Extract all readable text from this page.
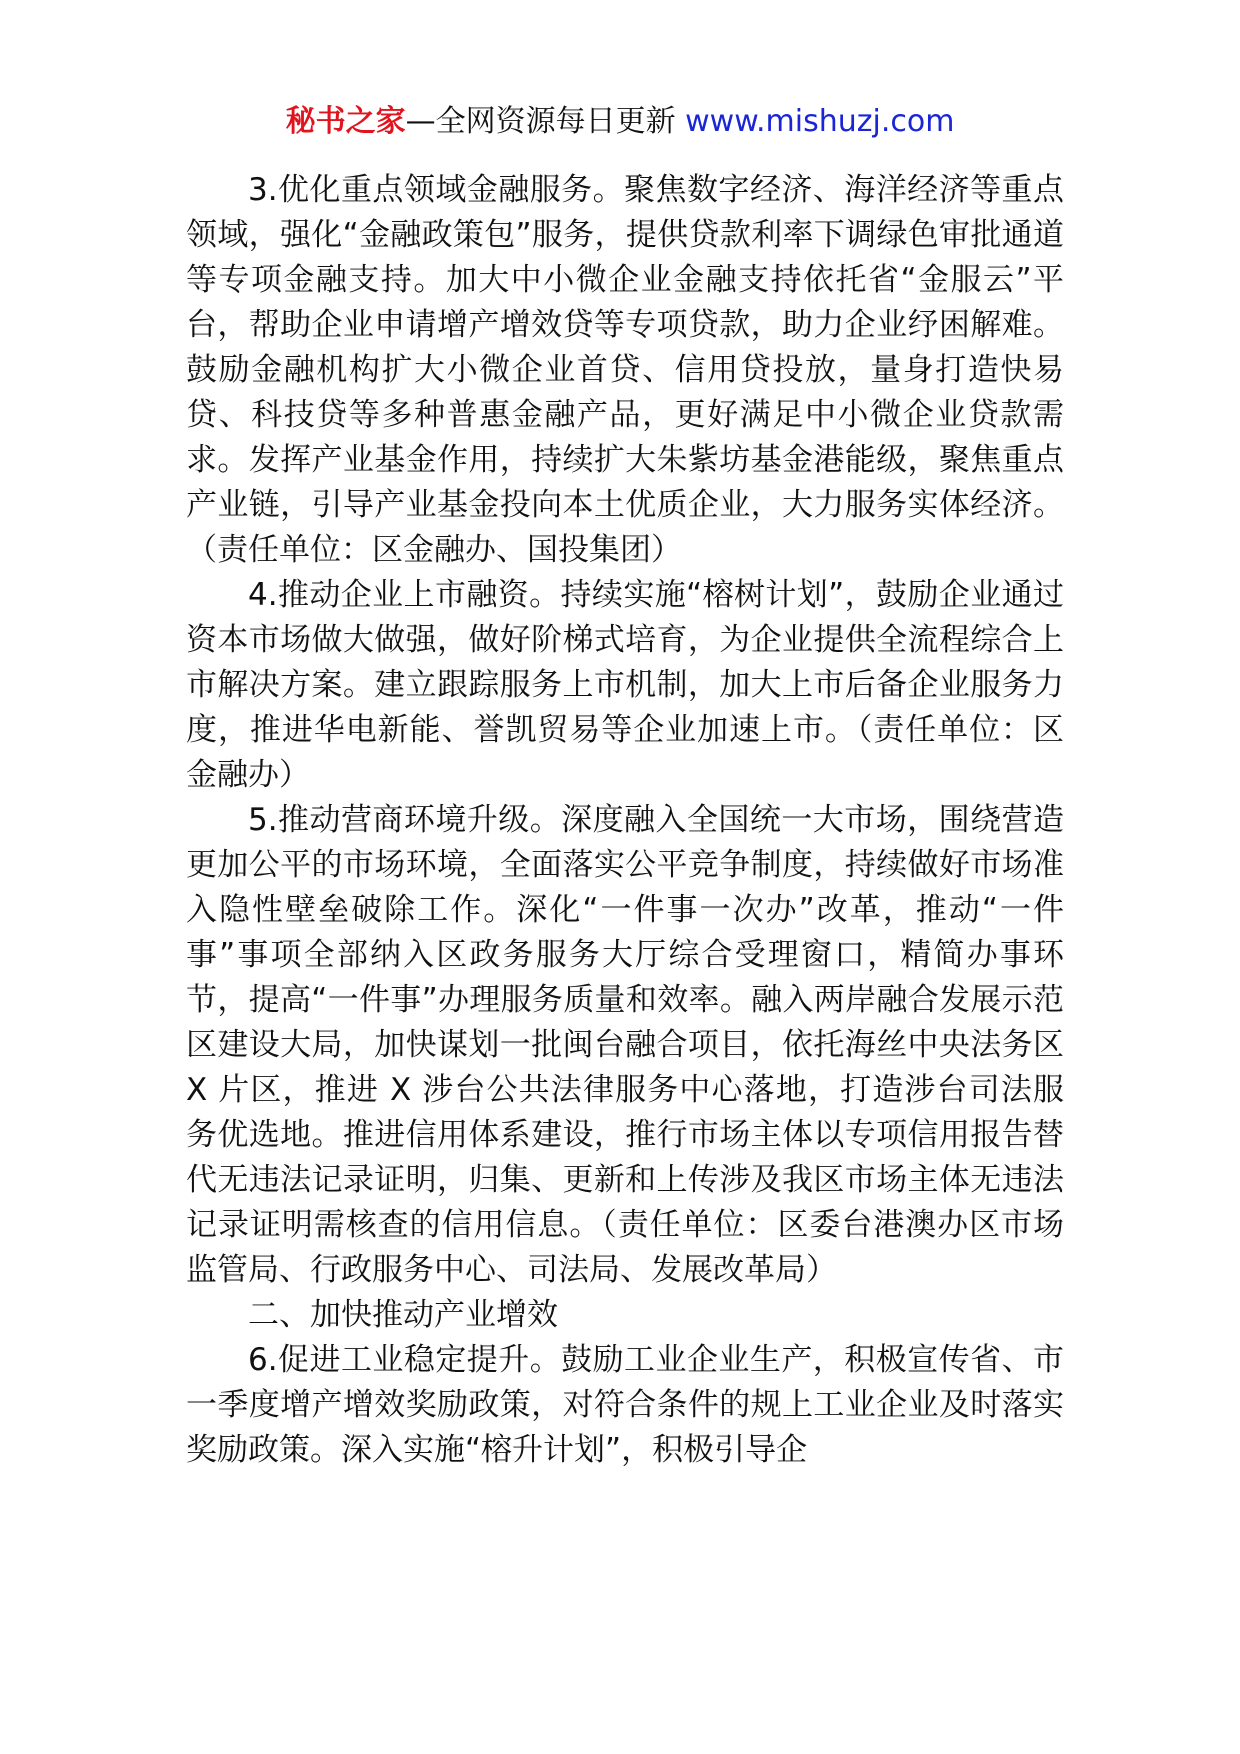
秘书之家—全网资源每日更新 www.mishuzj.com

3.优化重点领域金融服务。聚焦数字经济、海洋经济等重点领域，强化“金融政策包”服务，提供贷款利率下调绿色审批通道等专项金融支持。加大中小微企业金融支持依托省“金服云”平台，帮助企业申请增产增效贷等专项贷款，助力企业纾困解难。鼓励金融机构扩大小微企业首贷、信用贷投放，量身打造快易贷、科技贷等多种普惠金融产品，更好满足中小微企业贷款需求。发挥产业基金作用，持续扩大朱紫坊基金港能级，聚焦重点产业链，引导产业基金投向本土优质企业，大力服务实体经济。（责任单位：区金融办、国投集团）

4.推动企业上市融资。持续实施“榕树计划”，鼓励企业通过资本市场做大做强，做好阶梯式培育，为企业提供全流程综合上市解决方案。建立跟踪服务上市机制，加大上市后备企业服务力度，推进华电新能、誉凯贸易等企业加速上市。（责任单位：区金融办）

5.推动营商环境升级。深度融入全国统一大市场，围绕营造更加公平的市场环境，全面落实公平竞争制度，持续做好市场准入隐性壁垒破除工作。深化“一件事一次办”改革，推动“一件事”事项全部纳入区政务服务大厅综合受理窗口，精简办事环节，提高“一件事”办理服务质量和效率。融入两岸融合发展示范区建设大局，加快谋划一批闽台融合项目，依托海丝中央法务区 X 片区，推进 X 涉台公共法律服务中心落地，打造涉台司法服务优选地。推进信用体系建设，推行市场主体以专项信用报告替代无违法记录证明，归集、更新和上传涉及我区市场主体无违法记录证明需核查的信用信息。（责任单位：区委台港澳办区市场监管局、行政服务中心、司法局、发展改革局）

二、加快推动产业增效

6.促进工业稳定提升。鼓励工业企业生产，积极宣传省、市一季度增产增效奖励政策，对符合条件的规上工业企业及时落实奖励政策。深入实施“榕升计划”，积极引导企
